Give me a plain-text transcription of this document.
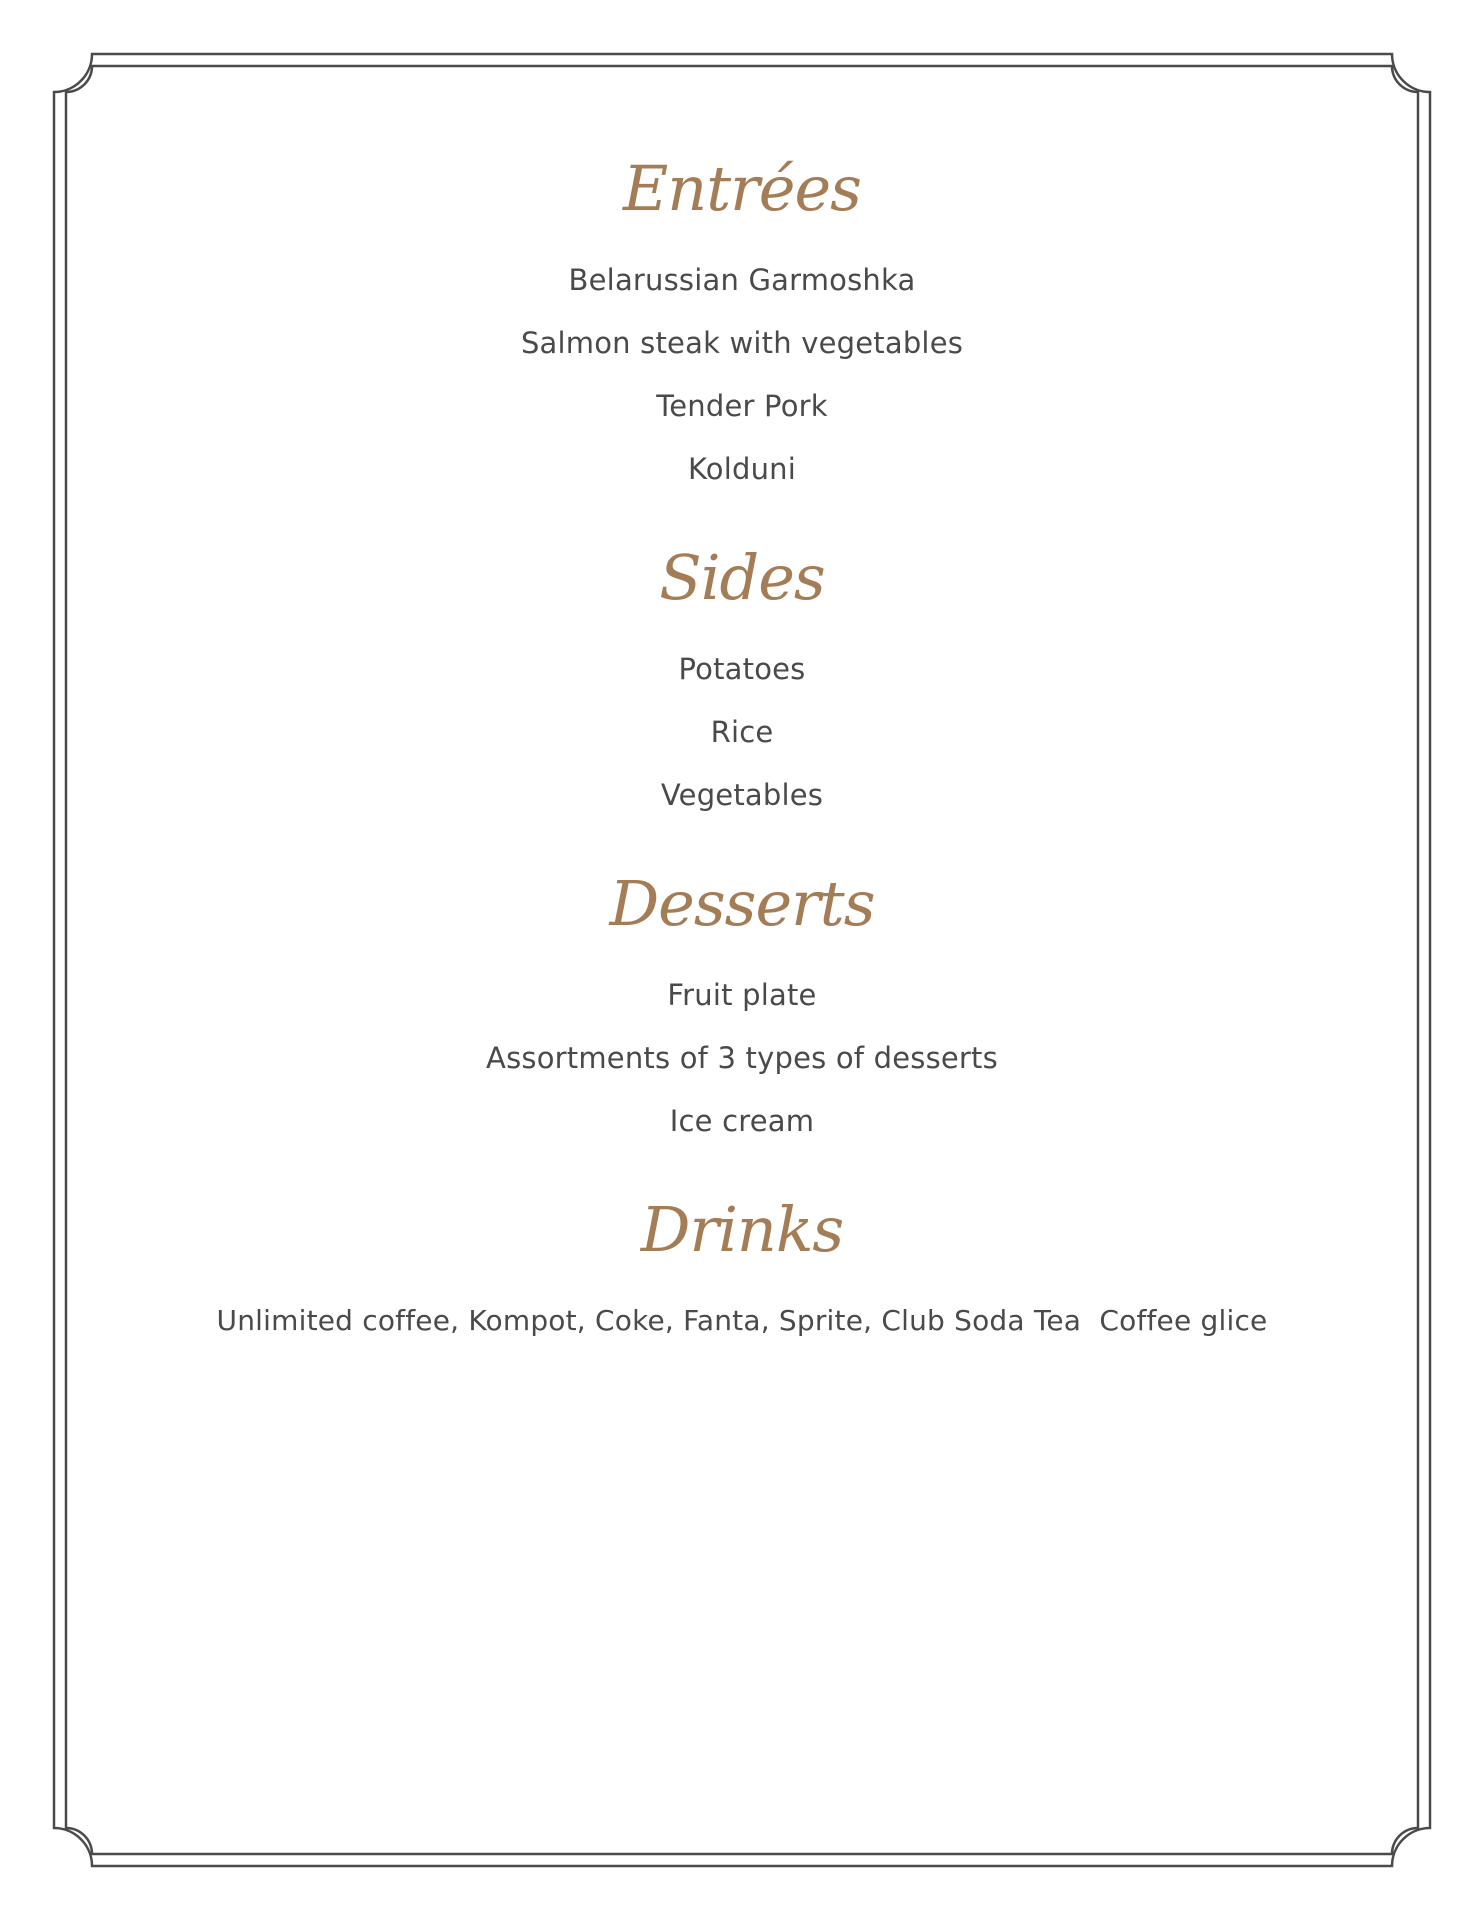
Entrées

Belarussian Garmoshka

Salmon steak with vegetables

Tender Pork

Kolduni

Sides

Potatoes

Rice

Vegetables

Desserts

Fruit plate

Assortments of 3 types of desserts

Ice cream

Drinks

Unlimited coffee, Kompot, Coke, Fanta, Sprite, Club Soda Tea  Coffee glice
